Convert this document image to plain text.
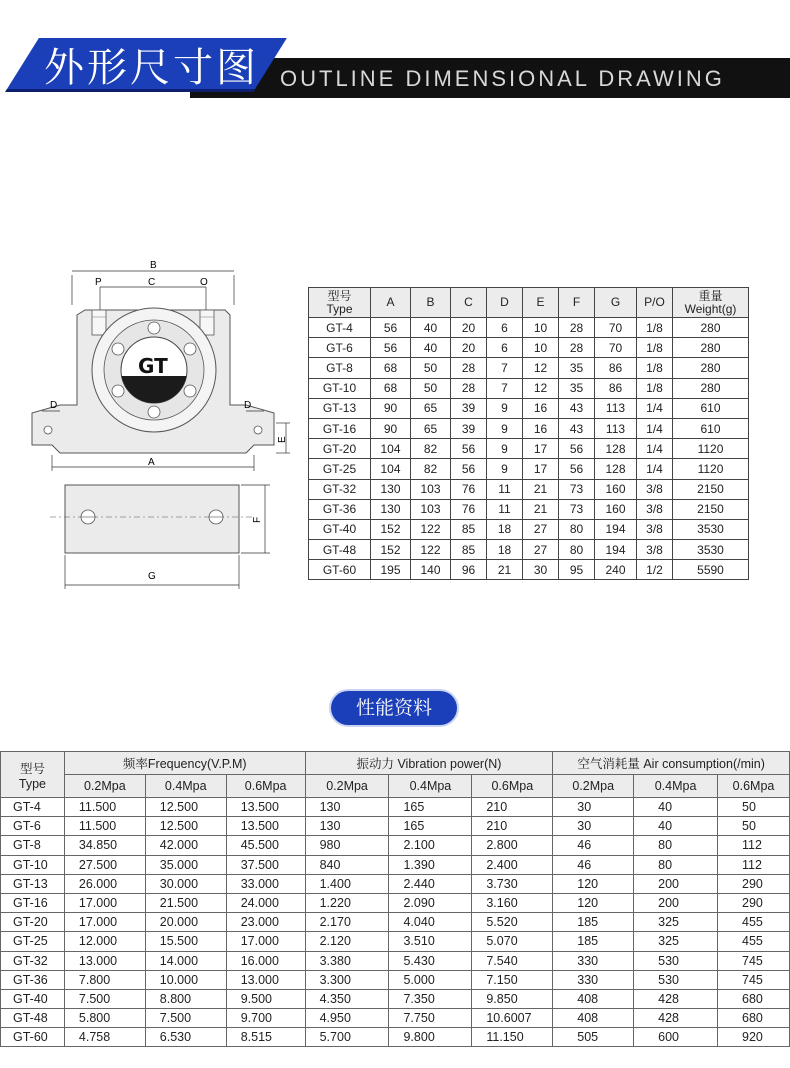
外形尺寸图 OUTLINE DIMENSIONAL DRAWING
B
P	C	O
GT
D	D
E
A
F
G
型号
Type	A	B	C	D	E	F	G	P/O	重量
Weight(g)
GT-4	56	40	20	6	10	28	70	1/8	280
GT-6	56	40	20	6	10	28	70	1/8	280
GT-8	68	50	28	7	12	35	86	1/8	280
GT-10	68	50	28	7	12	35	86	1/8	280
GT-13	90	65	39	9	16	43	113	1/4	610
GT-16	90	65	39	9	16	43	113	1/4	610
GT-20	104	82	56	9	17	56	128	1/4	1120
GT-25	104	82	56	9	17	56	128	1/4	1120
GT-32	130	103	76	11	21	73	160	3/8	2150
GT-36	130	103	76	11	21	73	160	3/8	2150
GT-40	152	122	85	18	27	80	194	3/8	3530
GT-48	152	122	85	18	27	80	194	3/8	3530
GT-60	195	140	96	21	30	95	240	1/2	5590
性能资料
型号
Type	频率Frequency(V.P.M)			振动力 Vibration power(N)			空气消耗量 Air consumption(/min)		
	0.2Mpa	0.4Mpa	0.6Mpa	0.2Mpa	0.4Mpa	0.6Mpa	0.2Mpa	0.4Mpa	0.6Mpa
GT-4	11.500	12.500	13.500	130	165	210	30	40	50
GT-6	11.500	12.500	13.500	130	165	210	30	40	50
GT-8	34.850	42.000	45.500	980	2.100	2.800	46	80	112
GT-10	27.500	35.000	37.500	840	1.390	2.400	46	80	112
GT-13	26.000	30.000	33.000	1.400	2.440	3.730	120	200	290
GT-16	17.000	21.500	24.000	1.220	2.090	3.160	120	200	290
GT-20	17.000	20.000	23.000	2.170	4.040	5.520	185	325	455
GT-25	12.000	15.500	17.000	2.120	3.510	5.070	185	325	455
GT-32	13.000	14.000	16.000	3.380	5.430	7.540	330	530	745
GT-36	7.800	10.000	13.000	3.300	5.000	7.150	330	530	745
GT-40	7.500	8.800	9.500	4.350	7.350	9.850	408	428	680
GT-48	5.800	7.500	9.700	4.950	7.750	10.6007	408	428	680
GT-60	4.758	6.530	8.515	5.700	9.800	11.150	505	600	920
